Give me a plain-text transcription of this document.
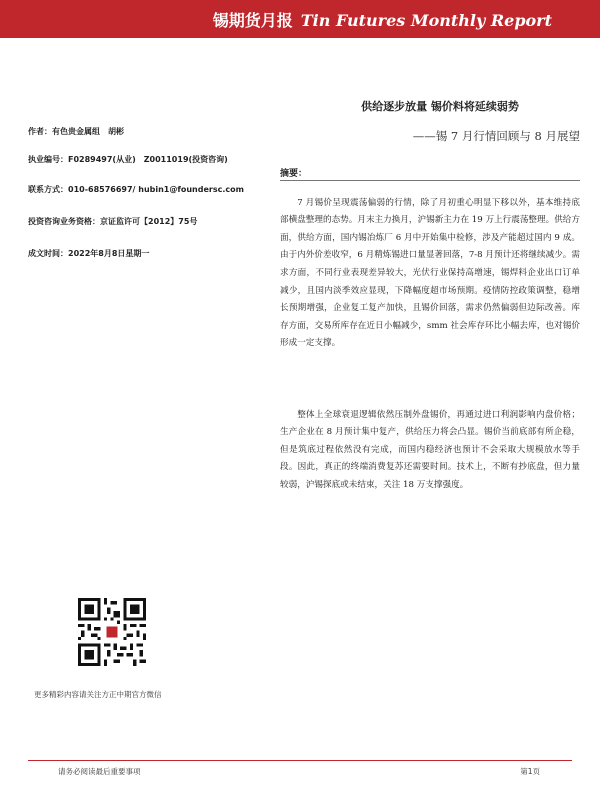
锡期货月报 Tin Futures Monthly Report
作者：有色贵金属组　胡彬
执业编号：F0289497(从业)　Z0011019(投资咨询)
联系方式：010-68576697/ hubin1@foundersc.com
投资咨询业务资格：京证监许可【2012】75号
成文时间：2022年8月8日星期一
供给逐步放量 锡价料将延续弱势
——锡 7 月行情回顾与 8 月展望
摘要：

7 月锡价呈现震荡偏弱的行情，除了月初重心明显下移以外，基本维持底部横盘整理的态势。月末主力换月，沪锡新主力在 19 万上行震荡整理。供给方面，供给方面，国内锡冶炼厂 6 月中开始集中检修，涉及产能超过国内 9 成。由于内外价差收窄，6 月精炼锡进口量显著回落，7-8 月预计还将继续减少。需求方面，不同行业表现差异较大，光伏行业保持高增速，锡焊料企业出口订单减少，且国内淡季效应显现，下降幅度超市场预期。疫情防控政策调整，稳增长预期增强，企业复工复产加快，且锡价回落，需求仍然偏弱但边际改善。库存方面，交易所库存在近日小幅减少，smm 社会库存环比小幅去库，也对锡价形成一定支撑。

整体上全球衰退逻辑依然压制外盘锡价，再通过进口利润影响内盘价格；生产企业在 8 月预计集中复产，供给压力将会凸显。锡价当前底部有所企稳，但是筑底过程依然没有完成，而国内稳经济也预计不会采取大规模放水等手段。因此，真正的终端消费复苏还需要时间。技术上，不断有抄底盘，但力量较弱，沪锡探底或未结束，关注 18 万支撑强度。

更多精彩内容请关注方正中期官方微信
请务必阅读最后重要事项	第1页
